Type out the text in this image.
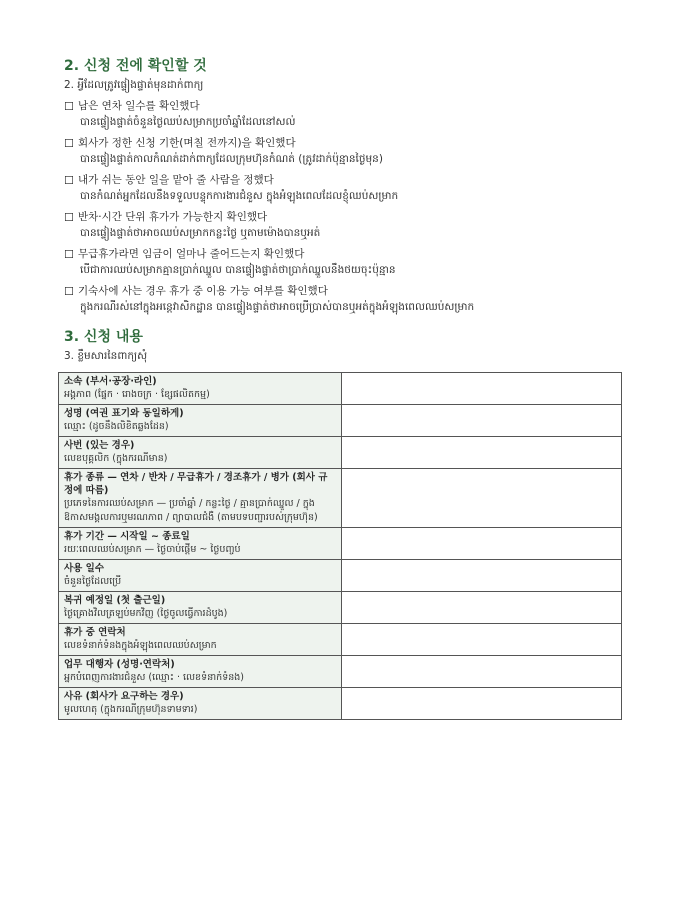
2. 신청 전에 확인할 것
2. អ្វីដែលត្រូវផ្ទៀងផ្ទាត់មុនដាក់ពាក្យ
☐ 남은 연차 일수를 확인했다
បានផ្ទៀងផ្ទាត់ចំនួនថ្ងៃឈប់សម្រាកប្រចាំឆ្នាំដែលនៅសល់
☐ 회사가 정한 신청 기한(며칠 전까지)을 확인했다
បានផ្ទៀងផ្ទាត់កាលកំណត់ដាក់ពាក្យដែលក្រុមហ៊ុនកំណត់ (ត្រូវដាក់ប៉ុន្មានថ្ងៃមុន)
☐ 내가 쉬는 동안 일을 맡아 줄 사람을 정했다
បានកំណត់អ្នកដែលនឹងទទួលបន្ទុកការងារជំនួស ក្នុងអំឡុងពេលដែលខ្ញុំឈប់សម្រាក
☐ 반차·시간 단위 휴가가 가능한지 확인했다
បានផ្ទៀងផ្ទាត់ថាអាចឈប់សម្រាកកន្លះថ្ងៃ ឬតាមម៉ោងបានឬអត់
☐ 무급휴가라면 임금이 얼마나 줄어드는지 확인했다
បើជាការឈប់សម្រាកគ្មានប្រាក់ឈ្នួល បានផ្ទៀងផ្ទាត់ថាប្រាក់ឈ្នួលនឹងថយចុះប៉ុន្មាន
☐ 기숙사에 사는 경우 휴가 중 이용 가능 여부를 확인했다
ក្នុងករណីរស់នៅក្នុងអន្តេវាសិកដ្ឋាន បានផ្ទៀងផ្ទាត់ថាអាចប្រើប្រាស់បានឬអត់ក្នុងអំឡុងពេលឈប់សម្រាក
3. 신청 내용
3. ខ្លឹមសារនៃពាក្យសុំ
소속 (부서·공장·라인)
អង្គភាព (ផ្នែក · រោងចក្រ · ខ្សែផលិតកម្ម)	

성명 (여권 표기와 동일하게)
ឈ្មោះ (ដូចនឹងលិខិតឆ្លងដែន)	

사번 (있는 경우)
លេខបុគ្គលិក (ក្នុងករណីមាន)	

휴가 종류 — 연차 / 반차 / 무급휴가 / 경조휴가 / 병가 (회사 규정에 따름)
ប្រភេទនៃការឈប់សម្រាក — ប្រចាំឆ្នាំ / កន្លះថ្ងៃ / គ្មានប្រាក់ឈ្នួល / ក្នុងឱកាសមង្គលការឬមរណភាព / ព្យាបាលជំងឺ (តាមបទបញ្ជារបស់ក្រុមហ៊ុន)	

휴가 기간 — 시작일 ~ 종료일
រយៈពេលឈប់សម្រាក — ថ្ងៃចាប់ផ្តើម ~ ថ្ងៃបញ្ចប់	

사용 일수
ចំនួនថ្ងៃដែលប្រើ	

복귀 예정일 (첫 출근일)
ថ្ងៃគ្រោងវិលត្រឡប់មកវិញ (ថ្ងៃចូលធ្វើការដំបូង)	

휴가 중 연락처
លេខទំនាក់ទំនងក្នុងអំឡុងពេលឈប់សម្រាក	

업무 대행자 (성명·연락처)
អ្នកបំពេញការងារជំនួស (ឈ្មោះ · លេខទំនាក់ទំនង)	

사유 (회사가 요구하는 경우)
មូលហេតុ (ក្នុងករណីក្រុមហ៊ុនទាមទារ)	
